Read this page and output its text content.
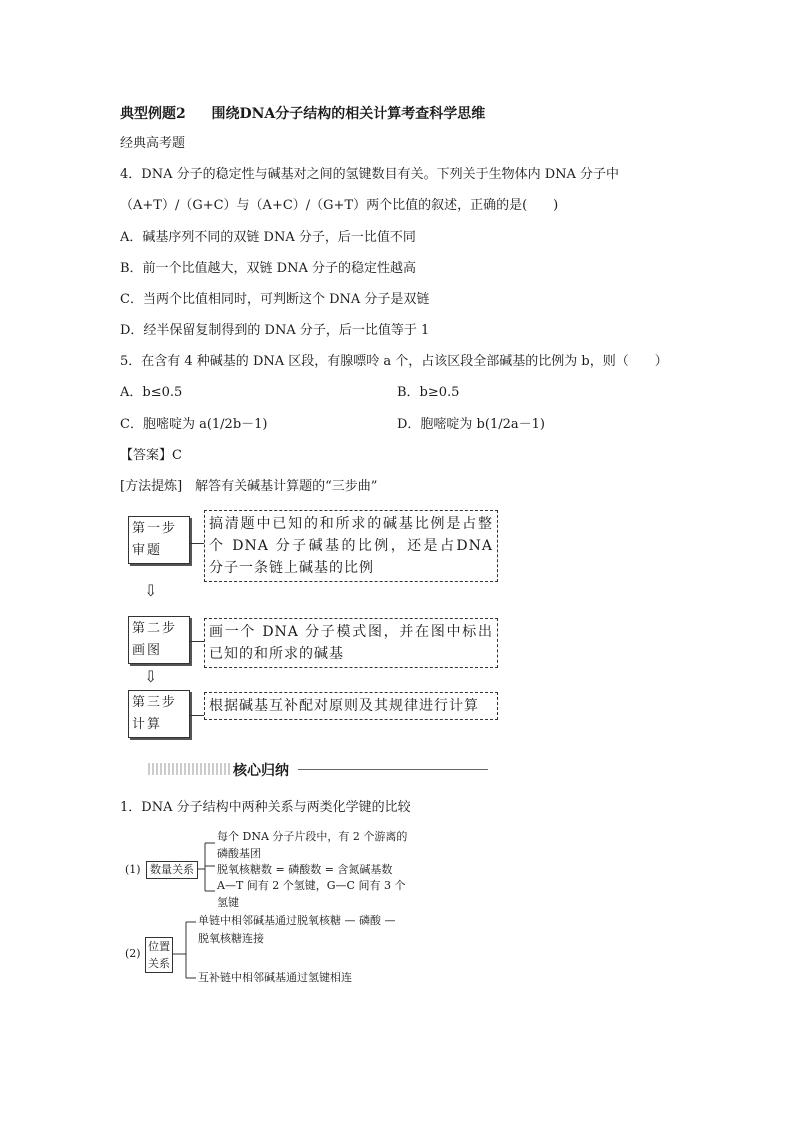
典型例题2 围绕DNA分子结构的相关计算考查科学思维
经典高考题
4．DNA 分子的稳定性与碱基对之间的氢键数目有关。下列关于生物体内 DNA 分子中
（A+T）/（G+C）与（A+C）/（G+T）两个比值的叙述，正确的是(　　)
A．碱基序列不同的双链 DNA 分子，后一比值不同
B．前一个比值越大，双链 DNA 分子的稳定性越高
C．当两个比值相同时，可判断这个 DNA 分子是双链
D．经半保留复制得到的 DNA 分子，后一比值等于 1
5．在含有 4 种碱基的 DNA 区段，有腺嘌呤 a 个，占该区段全部碱基的比例为 b，则（　　）
A．b≤0.5	B．b≥0.5
C．胞嘧啶为 a(1/2b－1)	D．胞嘧啶为 b(1/2a－1)
【答案】C
[方法提炼]　解答有关碱基计算题的“三步曲”
第一步
审题
搞清题中已知的和所求的碱基比例是占整个 DNA 分子碱基的比例，还是占DNA 分子一条链上碱基的比例
⇩
第二步
画图
画一个 DNA 分子模式图，并在图中标出已知的和所求的碱基
⇩
第三步
计算
根据碱基互补配对原则及其规律进行计算
核心归纳
1．DNA 分子结构中两种关系与两类化学键的比较
(1) 数量关系
每个 DNA 分子片段中，有 2 个游离的
磷酸基团
脱氧核糖数 = 磷酸数 = 含氮碱基数
A—T 间有 2 个氢键，G—C 间有 3 个
氢键
(2)
位置
关系
单链中相邻碱基通过脱氧核糖 — 磷酸 —
脱氧核糖连接
互补链中相邻碱基通过氢键相连
